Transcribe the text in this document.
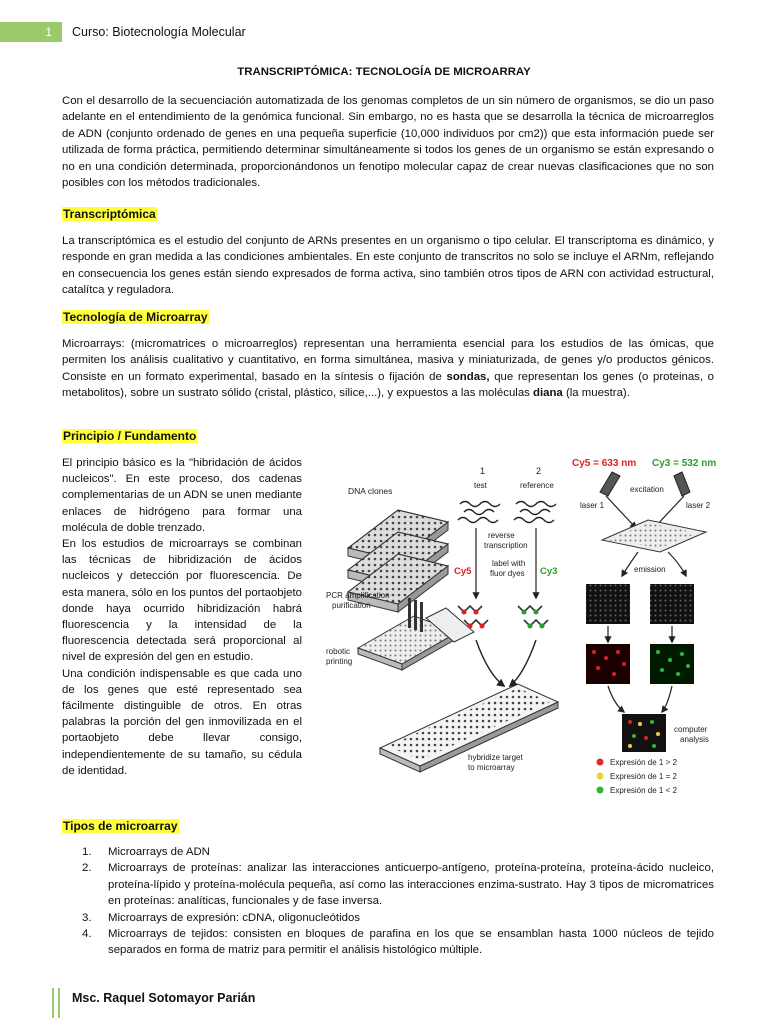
1	Curso: Biotecnología Molecular
TRANSCRIPTÓMICA: TECNOLOGÍA DE MICROARRAY

Con el desarrollo de la secuenciación automatizada de los genomas completos de un sin número de organismos, se dio un paso adelante en el entendimiento de la genómica funcional. Sin embargo, no es hasta que se desarrolla la técnica de microarreglos de ADN (conjunto ordenado de genes en una pequeña superficie (10,000 individuos por cm2)) que esta información puede ser utilizada de forma práctica, permitiendo determinar simultáneamente si todos los genes de un organismo se están expresando o no en una condición determinada, proporcionándonos un fenotipo molecular capaz de crear nuevas clasificaciones que no son posibles con los métodos tradicionales.

Transcriptómica

La transcriptómica es el estudio del conjunto de ARNs presentes en un organismo o tipo celular. El transcriptoma es dinámico, y responde en gran medida a las condiciones ambientales. En este conjunto de transcritos no solo se incluye el ARNm, reflejando en consecuencia los genes están siendo expresados de forma activa, sino también otros tipos de ARN con actividad estructural, catalítca y reguladora.

Tecnología de Microarray

Microarrays: (micromatrices o microarreglos) representan una herramienta esencial para los estudios de las ómicas, que permiten los análisis cualitativo y cuantitativo, en forma simultánea, masiva y miniaturizada, de genes y/o productos génicos. Consiste en un formato experimental, basado en la síntesis o fijación de sondas, que representan los genes (o proteinas, o metabolitos), sobre un sustrato sólido (cristal, plástico, silice,...), y expuestos a las moléculas diana (la muestra).

Principio / Fundamento

El principio básico es la "hibridación de ácidos nucleicos". En este proceso, dos cadenas complementarias de un ADN se unen mediante enlaces de hidrógeno para formar una molécula de doble trenzado.
En los estudios de microarrays se combinan las técnicas de hibridización de ácidos nucleicos y detección por fluorescencia. De esta manera, sólo en los puntos del portaobjeto donde haya ocurrido hibridización habrá fluorescencia y la intensidad de la fluorescencia detectada será proporcional al nivel de expresión del gen en estudio.
Una condición indispensable es que cada uno de los genes que esté representado sea fácilmente distinguible de otros. En otras palabras la porción del gen inmovilizada en el portaobjeto debe llevar consigo, independientemente de su tamaño, su cédula de identidad.

DNA clones
PCR amplification
purification
robotic
printing
hybridize target
to microarray
1
test
2
reference
reverse
transcription
Cy5	Cy3
label with
fluor dyes
Cy5 = 633 nm Cy3 = 532 nm
excitation
laser 1	laser 2
emission
computer
analysis
Expresión de 1 > 2
Expresión de 1 = 2
Expresión de 1 < 2
Tipos de microarray
1. Microarrays de ADN
2. Microarrays de proteínas: analizar las interacciones anticuerpo-antígeno, proteína-proteína, proteína-ácido nucleico, proteína-lípido y proteína-molécula pequeña, así como las interacciones enzima-sustrato. Hay 3 tipos de micromatrices en proteínas: analíticas, funcionales y de fase inversa.
3. Microarrays de expresión: cDNA, oligonucleótidos
4. Microarrays de tejidos: consisten en bloques de parafina en los que se ensamblan hasta 1000 núcleos de tejido separados en forma de matriz para permitir el análisis histológico múltiple.
Msc. Raquel Sotomayor Parián
